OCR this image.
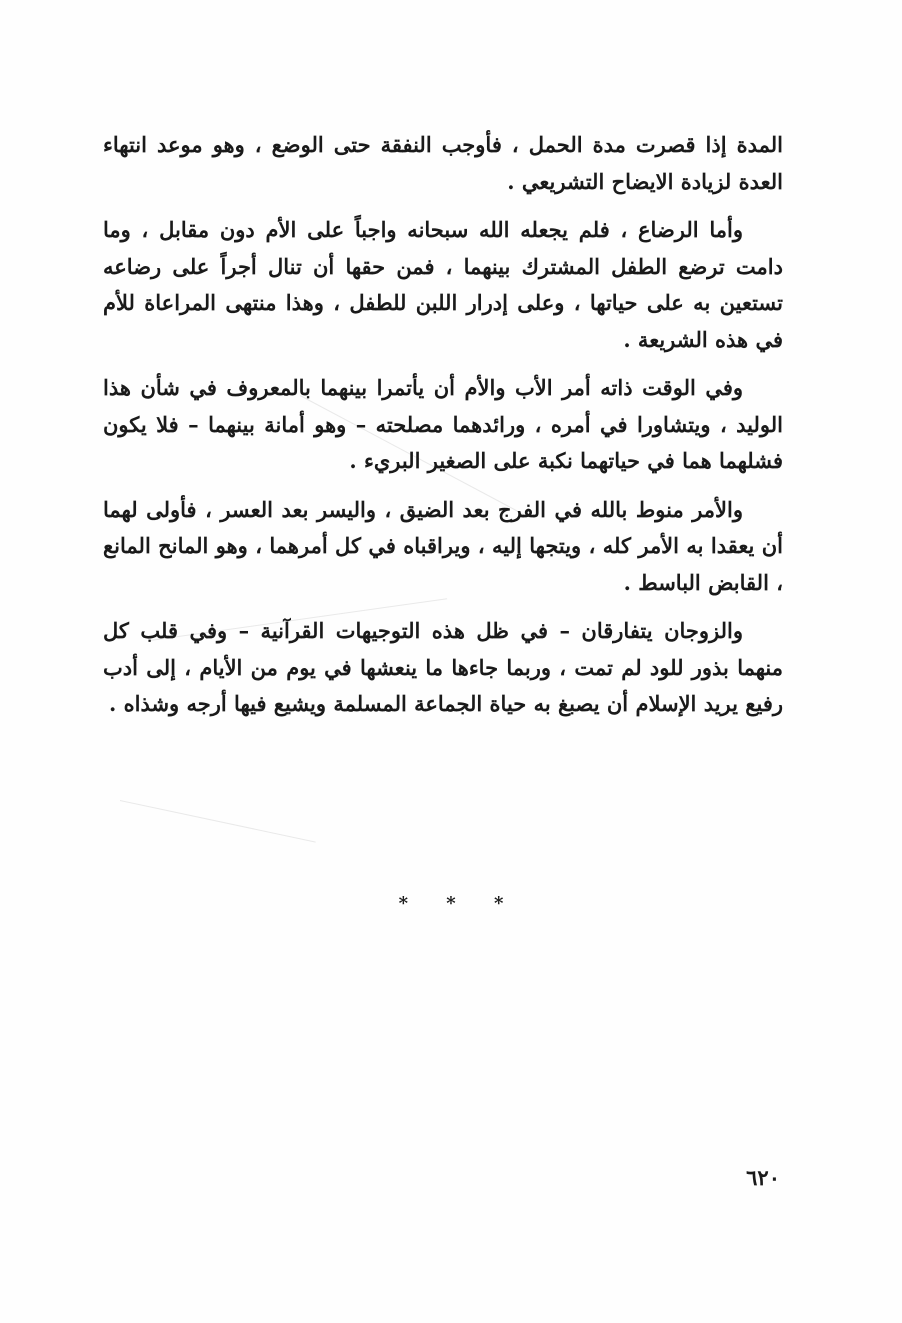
المدة إذا قصرت مدة الحمل ، فأوجب النفقة حتى الوضع ، وهو موعد انتهاء العدة لزيادة الايضاح التشريعي .

وأما الرضاع ، فلم يجعله الله سبحانه واجباً على الأم دون مقابل ، وما دامت ترضع الطفل المشترك بينهما ، فمن حقها أن تنال أجراً على رضاعه تستعين به على حياتها ، وعلى إدرار اللبن للطفل ، وهذا منتهى المراعاة للأم في هذه الشريعة .

وفي الوقت ذاته أمر الأب والأم أن يأتمرا بينهما بالمعروف في شأن هذا الوليد ، ويتشاورا في أمره ، ورائدهما مصلحته – وهو أمانة بينهما – فلا يكون فشلهما هما في حياتهما نكبة على الصغير البريء .

والأمر منوط بالله في الفرج بعد الضيق ، واليسر بعد العسر ، فأولى لهما أن يعقدا به الأمر كله ، ويتجها إليه ، ويراقباه في كل أمرهما ، وهو المانح المانع ، القابض الباسط .

والزوجان يتفارقان – في ظل هذه التوجيهات القرآنية – وفي قلب كل منهما بذور للود لم تمت ، وربما جاءها ما ينعشها في يوم من الأيام ، إلى أدب رفيع يريد الإسلام أن يصبغ به حياة الجماعة المسلمة ويشيع فيها أرجه وشذاه .

* * *
٦٢٠
